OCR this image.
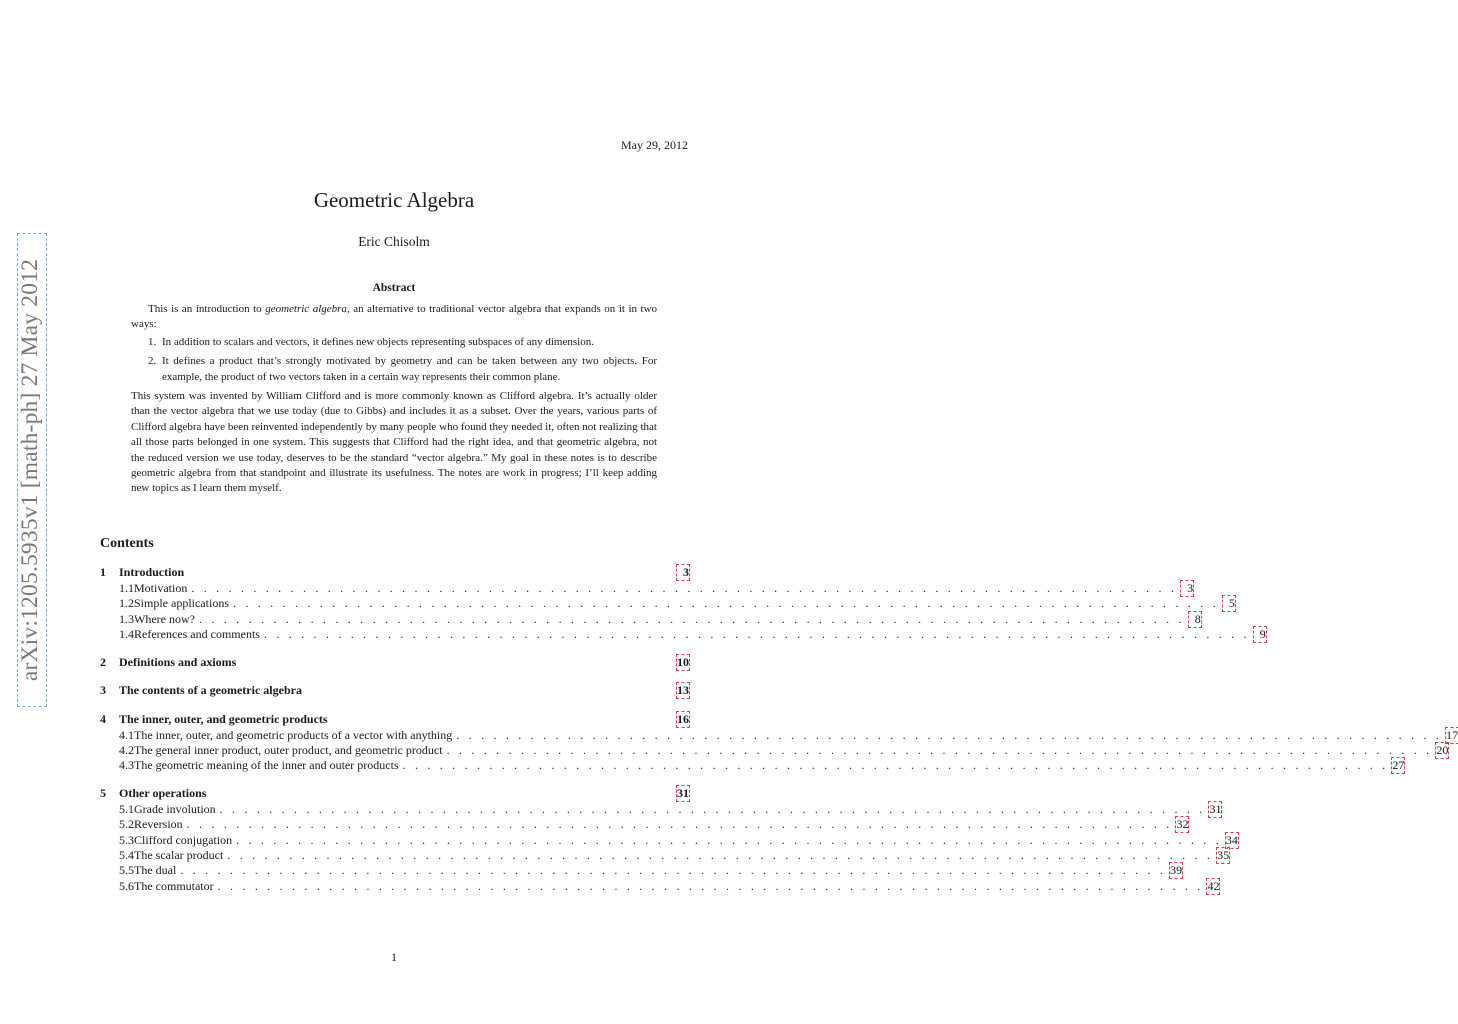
arXiv:1205.5935v1 [math-ph] 27 May 2012
May 29, 2012
Geometric Algebra
Eric Chisolm
Abstract

This is an introduction to geometric algebra, an alternative to traditional vector algebra that expands on it in two ways:

1. In addition to scalars and vectors, it defines new objects representing subspaces of any dimension.
2. It defines a product that’s strongly motivated by geometry and can be taken between any two objects. For example, the product of two vectors taken in a certain way represents their common plane.

This system was invented by William Clifford and is more commonly known as Clifford algebra. It’s actually older than the vector algebra that we use today (due to Gibbs) and includes it as a subset. Over the years, various parts of Clifford algebra have been reinvented independently by many people who found they needed it, often not realizing that all those parts belonged in one system. This suggests that Clifford had the right idea, and that geometric algebra, not the reduced version we use today, deserves to be the standard “vector algebra.” My goal in these notes is to describe geometric algebra from that standpoint and illustrate its usefulness. The notes are work in progress; I’ll keep adding new topics as I learn them myself.

Contents
1	Introduction	3
1.1 Motivation . . . . . . . . . . . . . . . . . . . . . . . . . . . . . . . . . . . . . . . . . . . . . . . . . . . . . . . . . . . . . . . . . . . . . . . . . . . . . . . . 3
1.2 Simple applications . . . . . . . . . . . . . . . . . . . . . . . . . . . . . . . . . . . . . . . . . . . . . . . . . . . . . . . . . . . . . . . . . . . . . . . . . . . . . . . . 5
1.3 Where now? . . . . . . . . . . . . . . . . . . . . . . . . . . . . . . . . . . . . . . . . . . . . . . . . . . . . . . . . . . . . . . . . . . . . . . . . . . . . . . . . 8
1.4 References and comments . . . . . . . . . . . . . . . . . . . . . . . . . . . . . . . . . . . . . . . . . . . . . . . . . . . . . . . . . . . . . . . . . . . . . . . . . . . . . . . . 9
2	Definitions and axioms	10
3	The contents of a geometric algebra	13
4	The inner, outer, and geometric products	16
4.1 The inner, outer, and geometric products of a vector with anything . . . . . . . . . . . . . . . . . . . . . . . . . . . . . . . . . . . . . . . . . . . . . . . . . . . . . . . . . . . . . . . . . . . . . . . . . . . . . . . . 17
4.2 The general inner product, outer product, and geometric product . . . . . . . . . . . . . . . . . . . . . . . . . . . . . . . . . . . . . . . . . . . . . . . . . . . . . . . . . . . . . . . . . . . . . . . . . . . . . . . . 20
4.3 The geometric meaning of the inner and outer products . . . . . . . . . . . . . . . . . . . . . . . . . . . . . . . . . . . . . . . . . . . . . . . . . . . . . . . . . . . . . . . . . . . . . . . . . . . . . . . . 27
5	Other operations	31
5.1 Grade involution . . . . . . . . . . . . . . . . . . . . . . . . . . . . . . . . . . . . . . . . . . . . . . . . . . . . . . . . . . . . . . . . . . . . . . . . . . . . . . . . 31
5.2 Reversion . . . . . . . . . . . . . . . . . . . . . . . . . . . . . . . . . . . . . . . . . . . . . . . . . . . . . . . . . . . . . . . . . . . . . . . . . . . . . . . . 32
5.3 Clifford conjugation . . . . . . . . . . . . . . . . . . . . . . . . . . . . . . . . . . . . . . . . . . . . . . . . . . . . . . . . . . . . . . . . . . . . . . . . . . . . . . . . 34
5.4 The scalar product . . . . . . . . . . . . . . . . . . . . . . . . . . . . . . . . . . . . . . . . . . . . . . . . . . . . . . . . . . . . . . . . . . . . . . . . . . . . . . . . 35
5.5 The dual . . . . . . . . . . . . . . . . . . . . . . . . . . . . . . . . . . . . . . . . . . . . . . . . . . . . . . . . . . . . . . . . . . . . . . . . . . . . . . . . 39
5.6 The commutator . . . . . . . . . . . . . . . . . . . . . . . . . . . . . . . . . . . . . . . . . . . . . . . . . . . . . . . . . . . . . . . . . . . . . . . . . . . . . . . . 42
1
